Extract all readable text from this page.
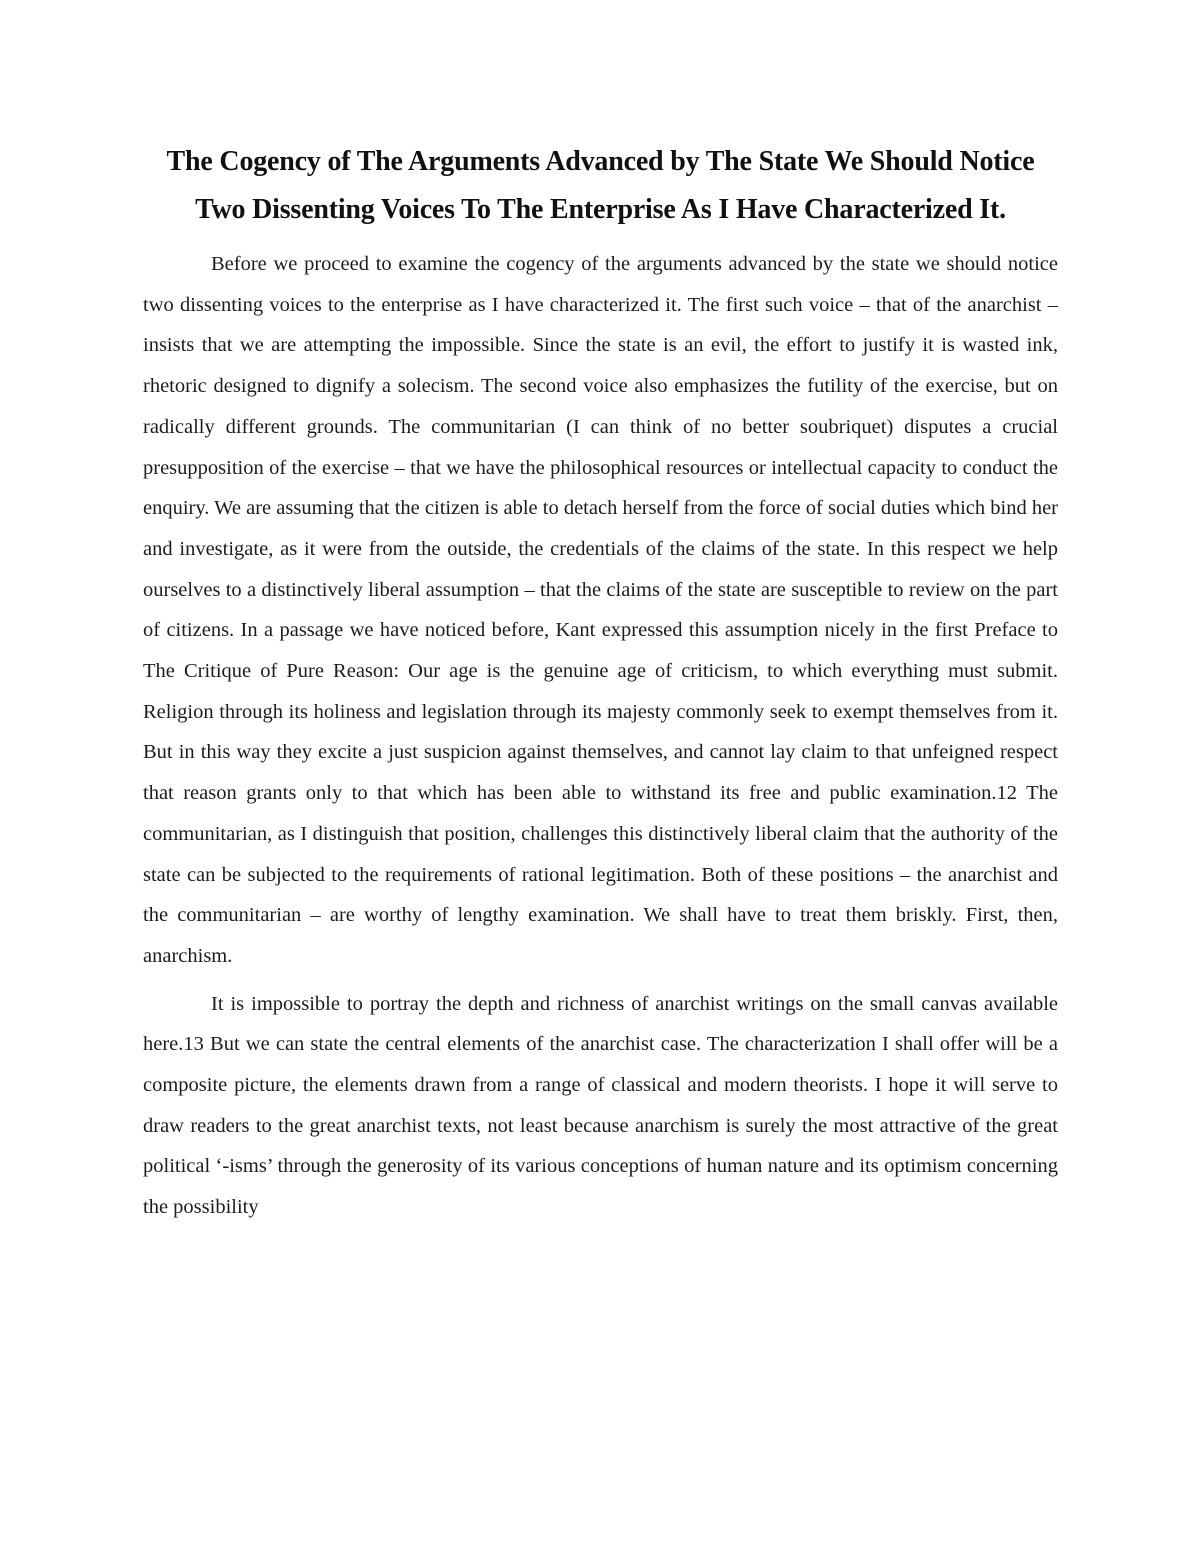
The Cogency of The Arguments Advanced by The State We Should Notice Two Dissenting Voices To The Enterprise As I Have Characterized It.

Before we proceed to examine the cogency of the arguments advanced by the state we should notice two dissenting voices to the enterprise as I have characterized it. The first such voice – that of the anarchist – insists that we are attempting the impossible. Since the state is an evil, the effort to justify it is wasted ink, rhetoric designed to dignify a solecism. The second voice also emphasizes the futility of the exercise, but on radically different grounds. The communitarian (I can think of no better soubriquet) disputes a crucial presupposition of the exercise – that we have the philosophical resources or intellectual capacity to conduct the enquiry. We are assuming that the citizen is able to detach herself from the force of social duties which bind her and investigate, as it were from the outside, the credentials of the claims of the state. In this respect we help ourselves to a distinctively liberal assumption – that the claims of the state are susceptible to review on the part of citizens. In a passage we have noticed before, Kant expressed this assumption nicely in the first Preface to The Critique of Pure Reason: Our age is the genuine age of criticism, to which everything must submit. Religion through its holiness and legislation through its majesty commonly seek to exempt themselves from it. But in this way they excite a just suspicion against themselves, and cannot lay claim to that unfeigned respect that reason grants only to that which has been able to withstand its free and public examination.12 The communitarian, as I distinguish that position, challenges this distinctively liberal claim that the authority of the state can be subjected to the requirements of rational legitimation. Both of these positions – the anarchist and the communitarian – are worthy of lengthy examination. We shall have to treat them briskly. First, then, anarchism.

It is impossible to portray the depth and richness of anarchist writings on the small canvas available here.13 But we can state the central elements of the anarchist case. The characterization I shall offer will be a composite picture, the elements drawn from a range of classical and modern theorists. I hope it will serve to draw readers to the great anarchist texts, not least because anarchism is surely the most attractive of the great political ‘-isms’ through the generosity of its various conceptions of human nature and its optimism concerning the possibility
